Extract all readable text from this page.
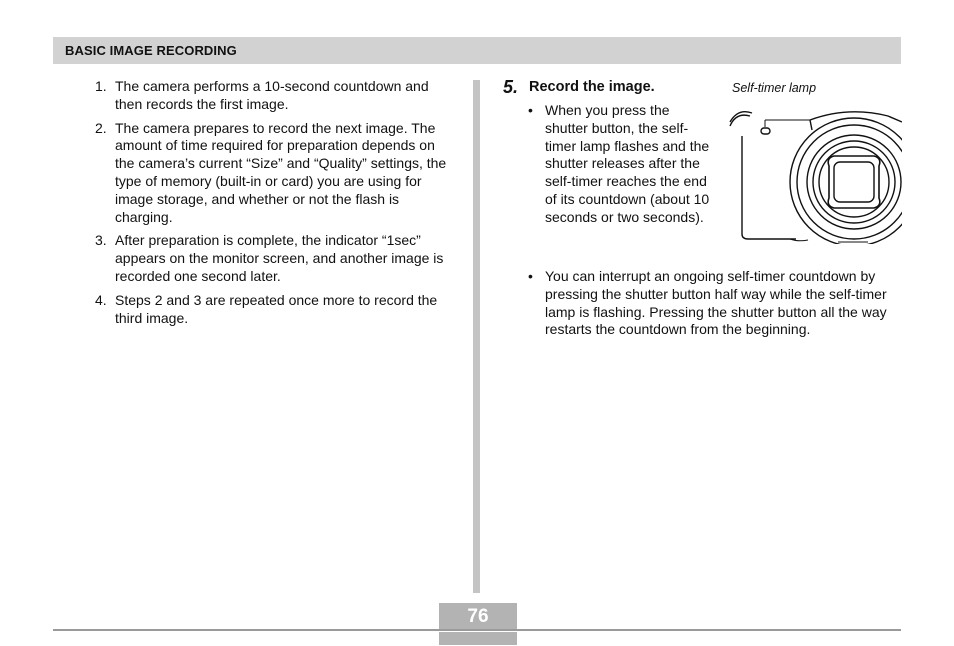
BASIC IMAGE RECORDING
1. The camera performs a 10-second countdown and then records the first image.
2. The camera prepares to record the next image. The amount of time required for preparation depends on the camera’s current “Size” and “Quality” settings, the type of memory (built-in or card) you are using for image storage, and whether or not the flash is charging.
3. After preparation is complete, the indicator “1sec” appears on the monitor screen, and another image is recorded one second later.
4. Steps 2 and 3 are repeated once more to record the third image.
5. Record the image.
• When you press the shutter button, the self-timer lamp flashes and the shutter releases after the self-timer reaches the end of its countdown (about 10 seconds or two seconds).
• You can interrupt an ongoing self-timer countdown by pressing the shutter button half way while the self-timer lamp is flashing. Pressing the shutter button all the way restarts the countdown from the beginning.
Self-timer lamp
76
